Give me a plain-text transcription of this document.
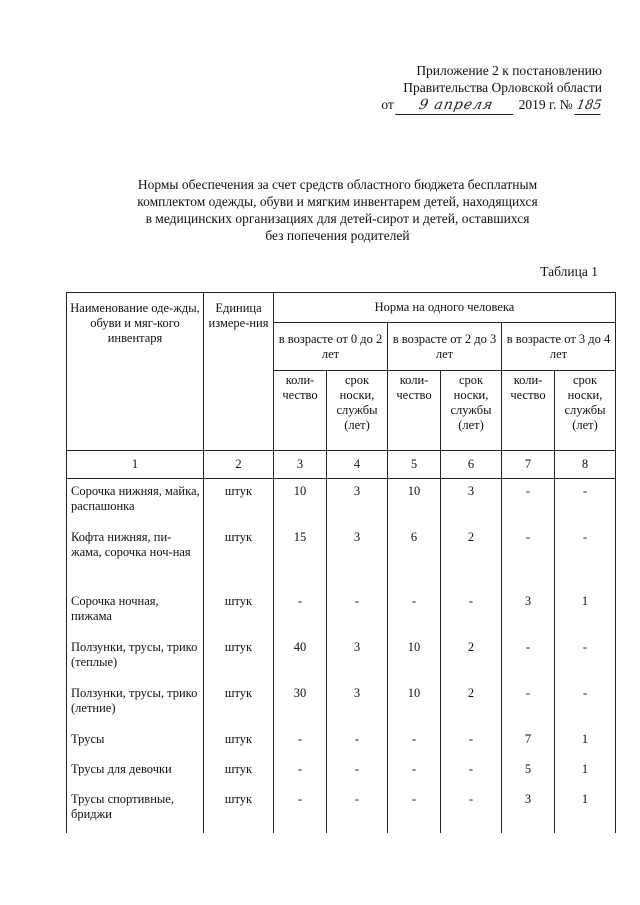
Приложение 2 к постановлению
Правительства Орловской области
от 9 апреля 2019 г. № 185
Нормы обеспечения за счет средств областного бюджета бесплатным
комплектом одежды, обуви и мягким инвентарем детей, находящихся
в медицинских организациях для детей-сирот и детей, оставшихся
без попечения родителей
Таблица 1
Наименование оде-жды, обуви и мяг-кого инвентаря	Единица измере-ния	Норма на одного человека					
		в возрасте от 0 до 2 лет		в возрасте от 2 до 3 лет		в возрасте от 3 до 4 лет	
		коли-чество	срок носки, службы (лет)	коли-чество	срок носки, службы (лет)	коли-чество	срок носки, службы (лет)
1	2	3	4	5	6	7	8
Сорочка нижняя, майка, распашонка	штук	10	3	10	3	-	-
Кофта нижняя, пи-жама, сорочка ноч-ная	штук	15	3	6	2	-	-
Сорочка ночная, пижама	штук	-	-	-	-	3	1
Ползунки, трусы, трико (теплые)	штук	40	3	10	2	-	-
Ползунки, трусы, трико (летние)	штук	30	3	10	2	-	-
Трусы	штук	-	-	-	-	7	1
Трусы для девочки	штук	-	-	-	-	5	1
Трусы спортивные, бриджи	штук	-	-	-	-	3	1
